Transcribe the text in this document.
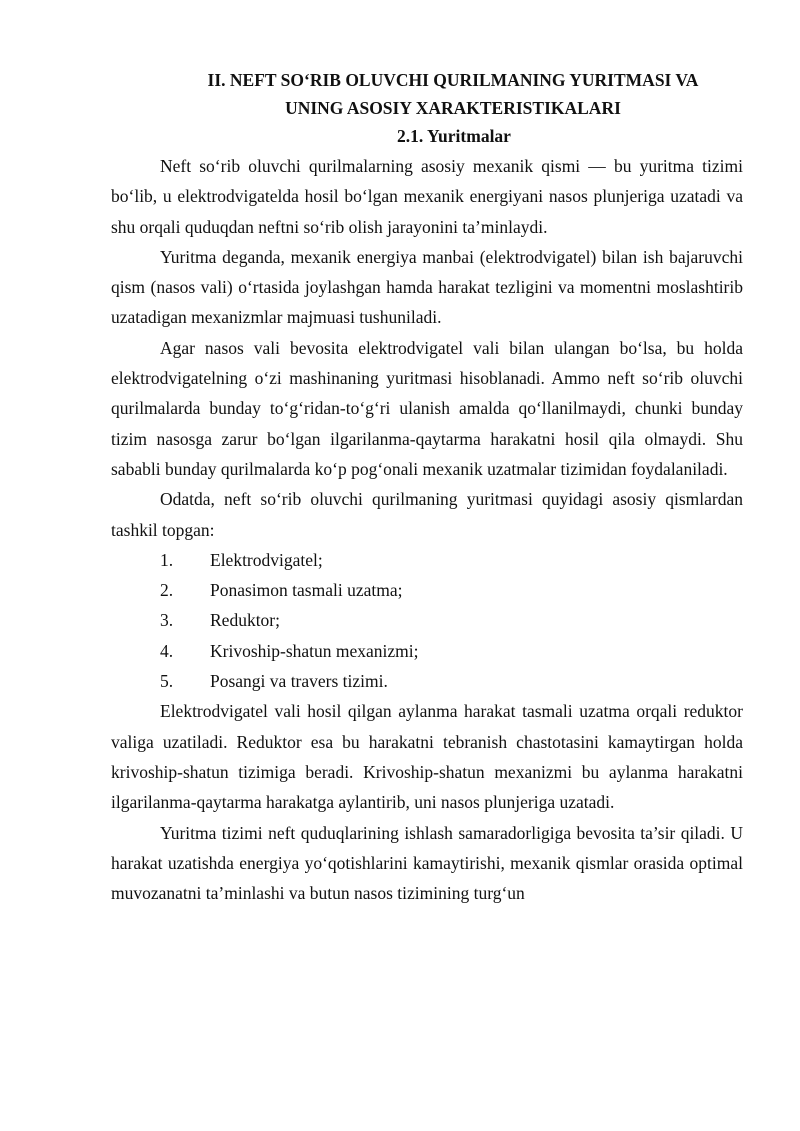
II. NEFT SO‘RIB OLUVCHI QURILMANING YURITMASI VA

UNING ASOSIY XARAKTERISTIKALARI

2.1. Yuritmalar

Neft so‘rib oluvchi qurilmalarning asosiy mexanik qismi — bu yuritma tizimi bo‘lib, u elektrodvigatelda hosil bo‘lgan mexanik energiyani nasos plunjeriga uzatadi va shu orqali quduqdan neftni so‘rib olish jarayonini ta’minlaydi.

Yuritma deganda, mexanik energiya manbai (elektrodvigatel) bilan ish bajaruvchi qism (nasos vali) o‘rtasida joylashgan hamda harakat tezligini va momentni moslashtirib uzatadigan mexanizmlar majmuasi tushuniladi.

Agar nasos vali bevosita elektrodvigatel vali bilan ulangan bo‘lsa, bu holda elektrodvigatelning o‘zi mashinaning yuritmasi hisoblanadi. Ammo neft so‘rib oluvchi qurilmalarda bunday to‘g‘ridan-to‘g‘ri ulanish amalda qo‘llanilmaydi, chunki bunday tizim nasosga zarur bo‘lgan ilgarilanma-qaytarma harakatni hosil qila olmaydi. Shu sababli bunday qurilmalarda ko‘p pog‘onali mexanik uzatmalar tizimidan foydalaniladi.

Odatda, neft so‘rib oluvchi qurilmaning yuritmasi quyidagi asosiy qismlardan tashkil topgan:

1. Elektrodvigatel;
2. Ponasimon tasmali uzatma;
3. Reduktor;
4. Krivoship-shatun mexanizmi;
5. Posangi va travers tizimi.

Elektrodvigatel vali hosil qilgan aylanma harakat tasmali uzatma orqali reduktor valiga uzatiladi. Reduktor esa bu harakatni tebranish chastotasini kamaytirgan holda krivoship-shatun tizimiga beradi. Krivoship-shatun mexanizmi bu aylanma harakatni ilgarilanma-qaytarma harakatga aylantirib, uni nasos plunjeriga uzatadi.

Yuritma tizimi neft quduqlarining ishlash samaradorligiga bevosita ta’sir qiladi. U harakat uzatishda energiya yo‘qotishlarini kamaytirishi, mexanik qismlar orasida optimal muvozanatni ta’minlashi va butun nasos tizimining turg‘un
